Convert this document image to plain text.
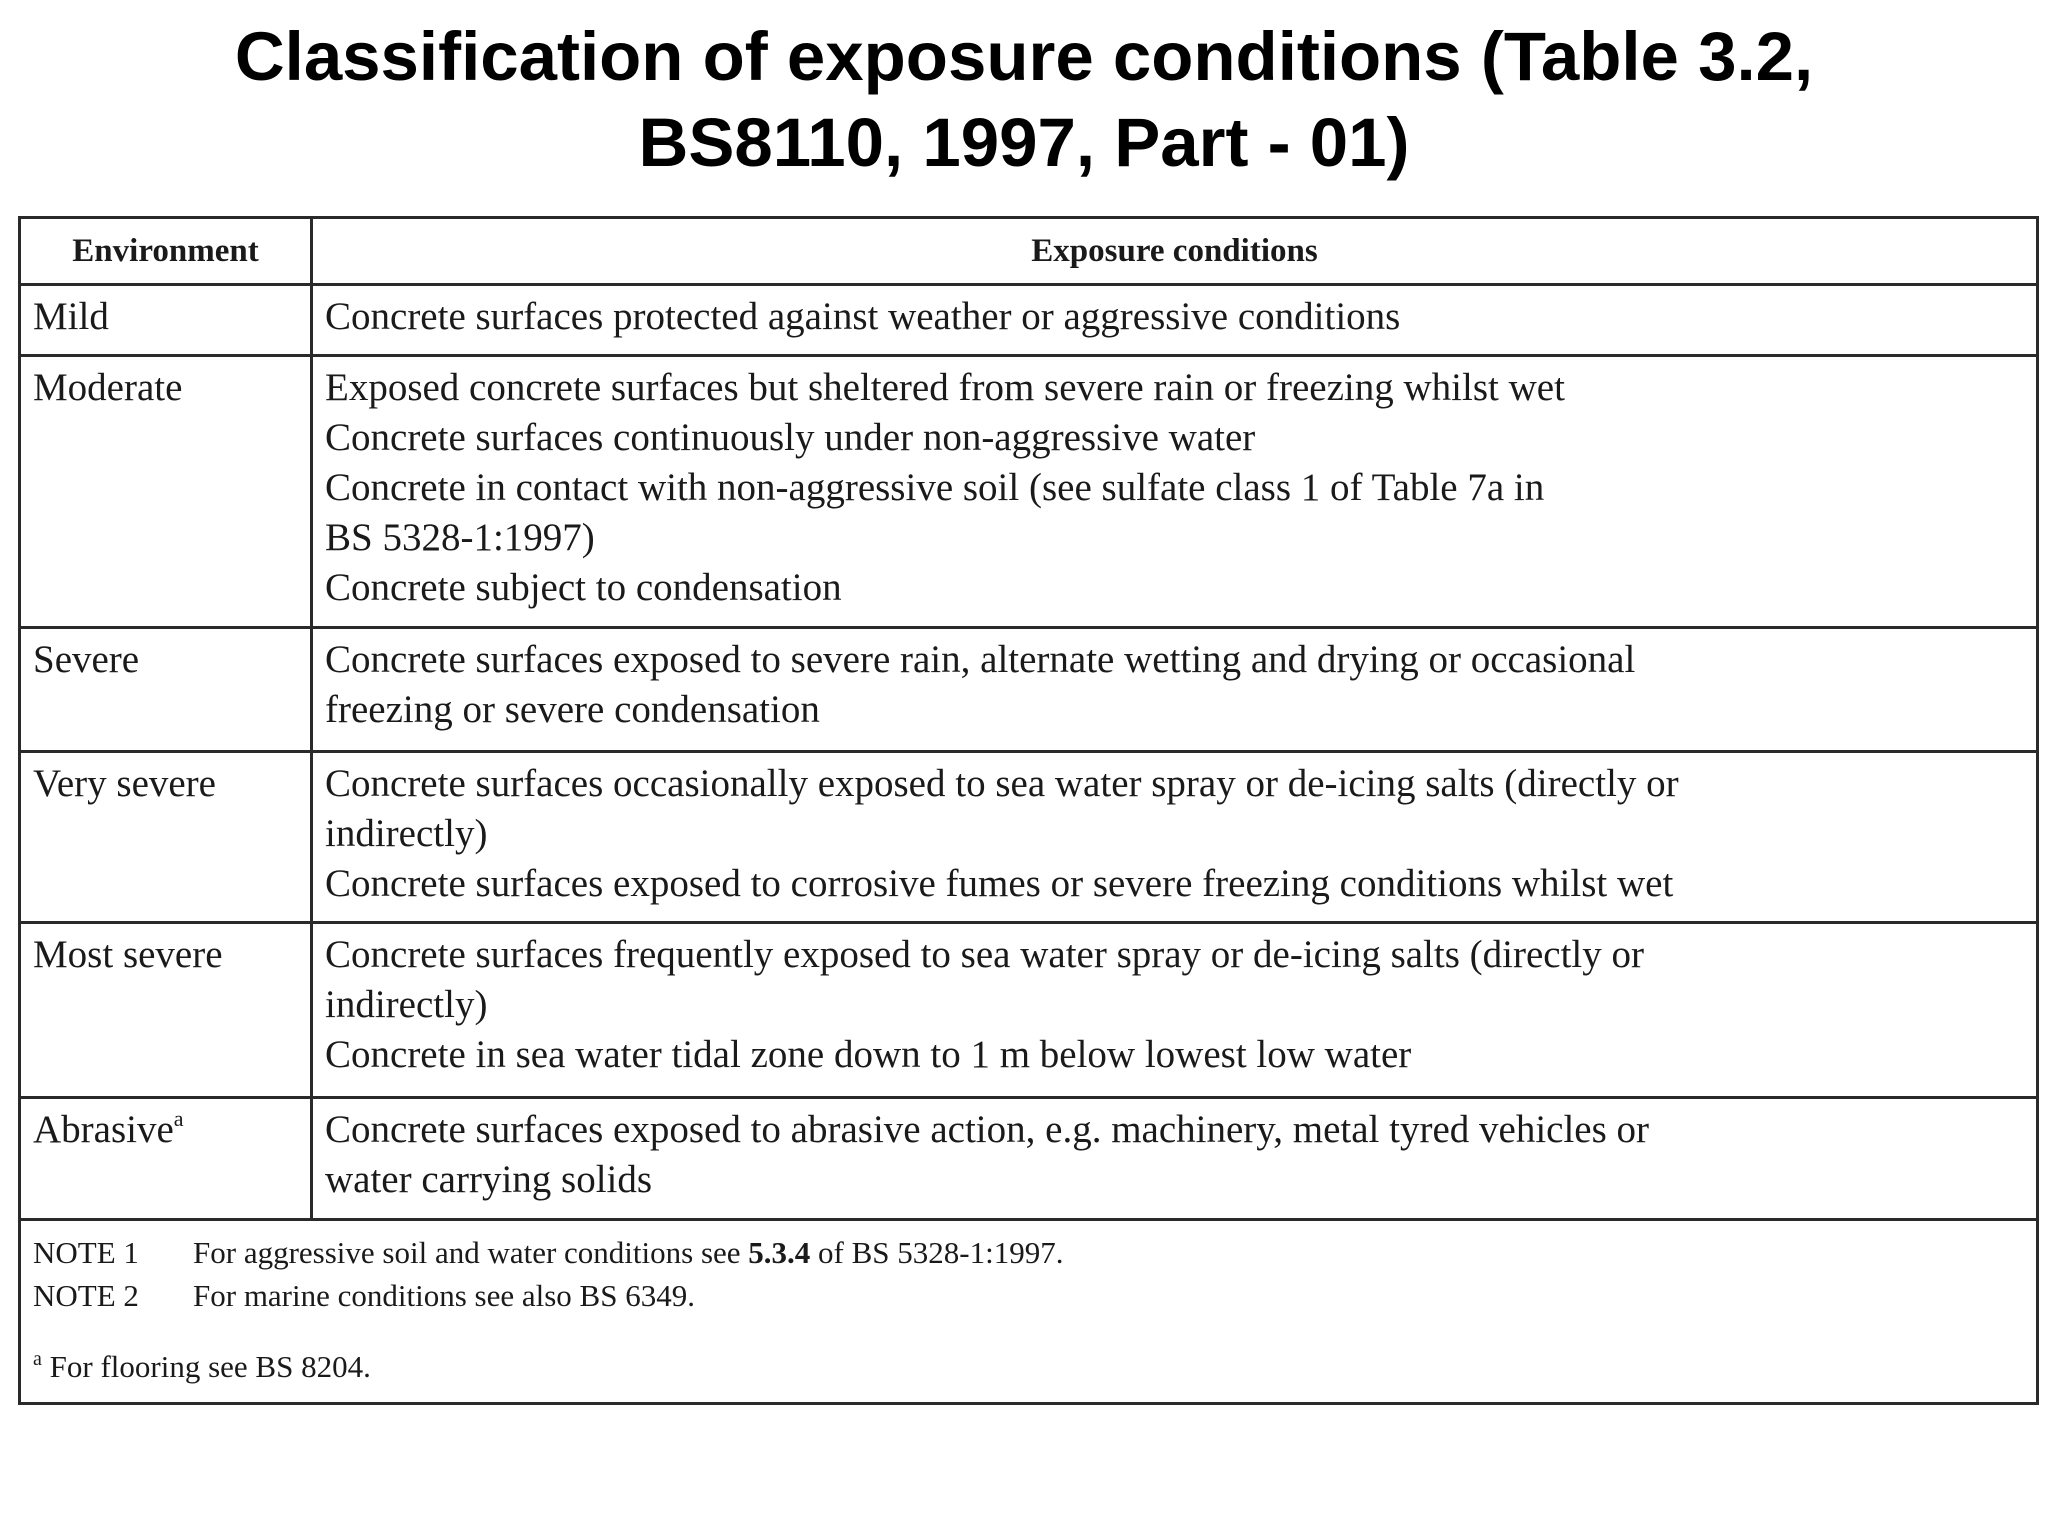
Classification of exposure conditions (Table 3.2,
BS8110, 1997, Part - 01)
Environment	Exposure conditions
Mild	Concrete surfaces protected against weather or aggressive conditions

Moderate	Exposed concrete surfaces but sheltered from severe rain or freezing whilst wet
Concrete surfaces continuously under non-aggressive water
Concrete in contact with non-aggressive soil (see sulfate class 1 of Table 7a in
BS 5328-1:1997)
Concrete subject to condensation

Severe	Concrete surfaces exposed to severe rain, alternate wetting and drying or occasional
freezing or severe condensation

Very severe	Concrete surfaces occasionally exposed to sea water spray or de-icing salts (directly or
indirectly)
Concrete surfaces exposed to corrosive fumes or severe freezing conditions whilst wet

Most severe	Concrete surfaces frequently exposed to sea water spray or de-icing salts (directly or
indirectly)
Concrete in sea water tidal zone down to 1 m below lowest low water

Abrasive$^a$	Concrete surfaces exposed to abrasive action, e.g. machinery, metal tyred vehicles or
water carrying solids

NOTE 1 For aggressive soil and water conditions see 5.3.4 of BS 5328-1:1997.
NOTE 2 For marine conditions see also BS 6349.
$^a$ For flooring see BS 8204.	
